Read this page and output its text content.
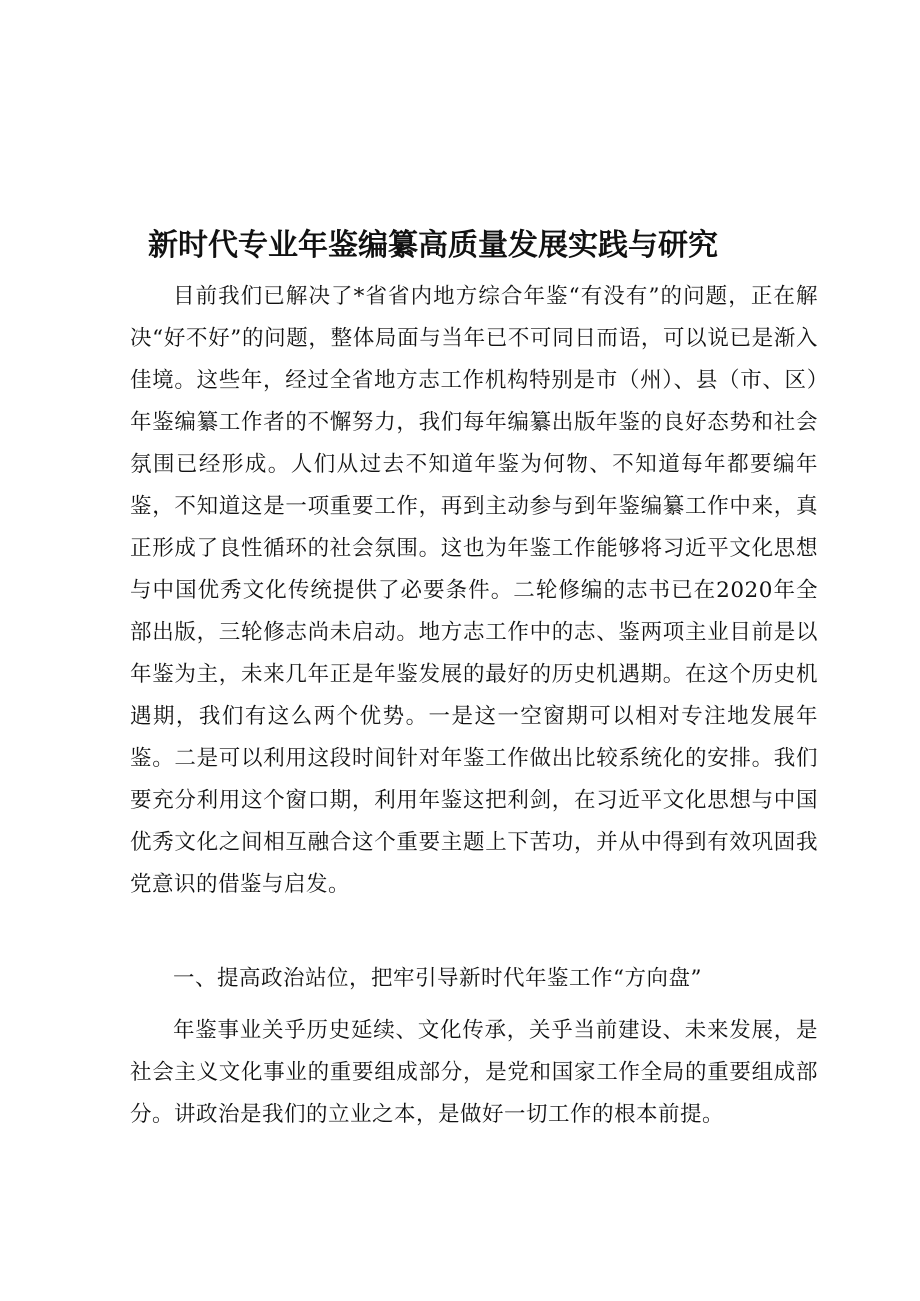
新时代专业年鉴编纂高质量发展实践与研究

目前我们已解决了*省省内地方综合年鉴“有没有”的问题，正在解决“好不好”的问题，整体局面与当年已不可同日而语，可以说已是渐入佳境。这些年，经过全省地方志工作机构特别是市（州）、县（市、区）年鉴编纂工作者的不懈努力，我们每年编纂出版年鉴的良好态势和社会氛围已经形成。人们从过去不知道年鉴为何物、不知道每年都要编年鉴，不知道这是一项重要工作，再到主动参与到年鉴编纂工作中来，真正形成了良性循环的社会氛围。这也为年鉴工作能够将习近平文化思想与中国优秀文化传统提供了必要条件。二轮修编的志书已在2020年全部出版，三轮修志尚未启动。地方志工作中的志、鉴两项主业目前是以年鉴为主，未来几年正是年鉴发展的最好的历史机遇期。在这个历史机遇期，我们有这么两个优势。一是这一空窗期可以相对专注地发展年鉴。二是可以利用这段时间针对年鉴工作做出比较系统化的安排。我们要充分利用这个窗口期，利用年鉴这把利剑，在习近平文化思想与中国优秀文化之间相互融合这个重要主题上下苦功，并从中得到有效巩固我党意识的借鉴与启发。

一、提高政治站位，把牢引导新时代年鉴工作“方向盘”

年鉴事业关乎历史延续、文化传承，关乎当前建设、未来发展，是社会主义文化事业的重要组成部分，是党和国家工作全局的重要组成部分。讲政治是我们的立业之本，是做好一切工作的根本前提。
